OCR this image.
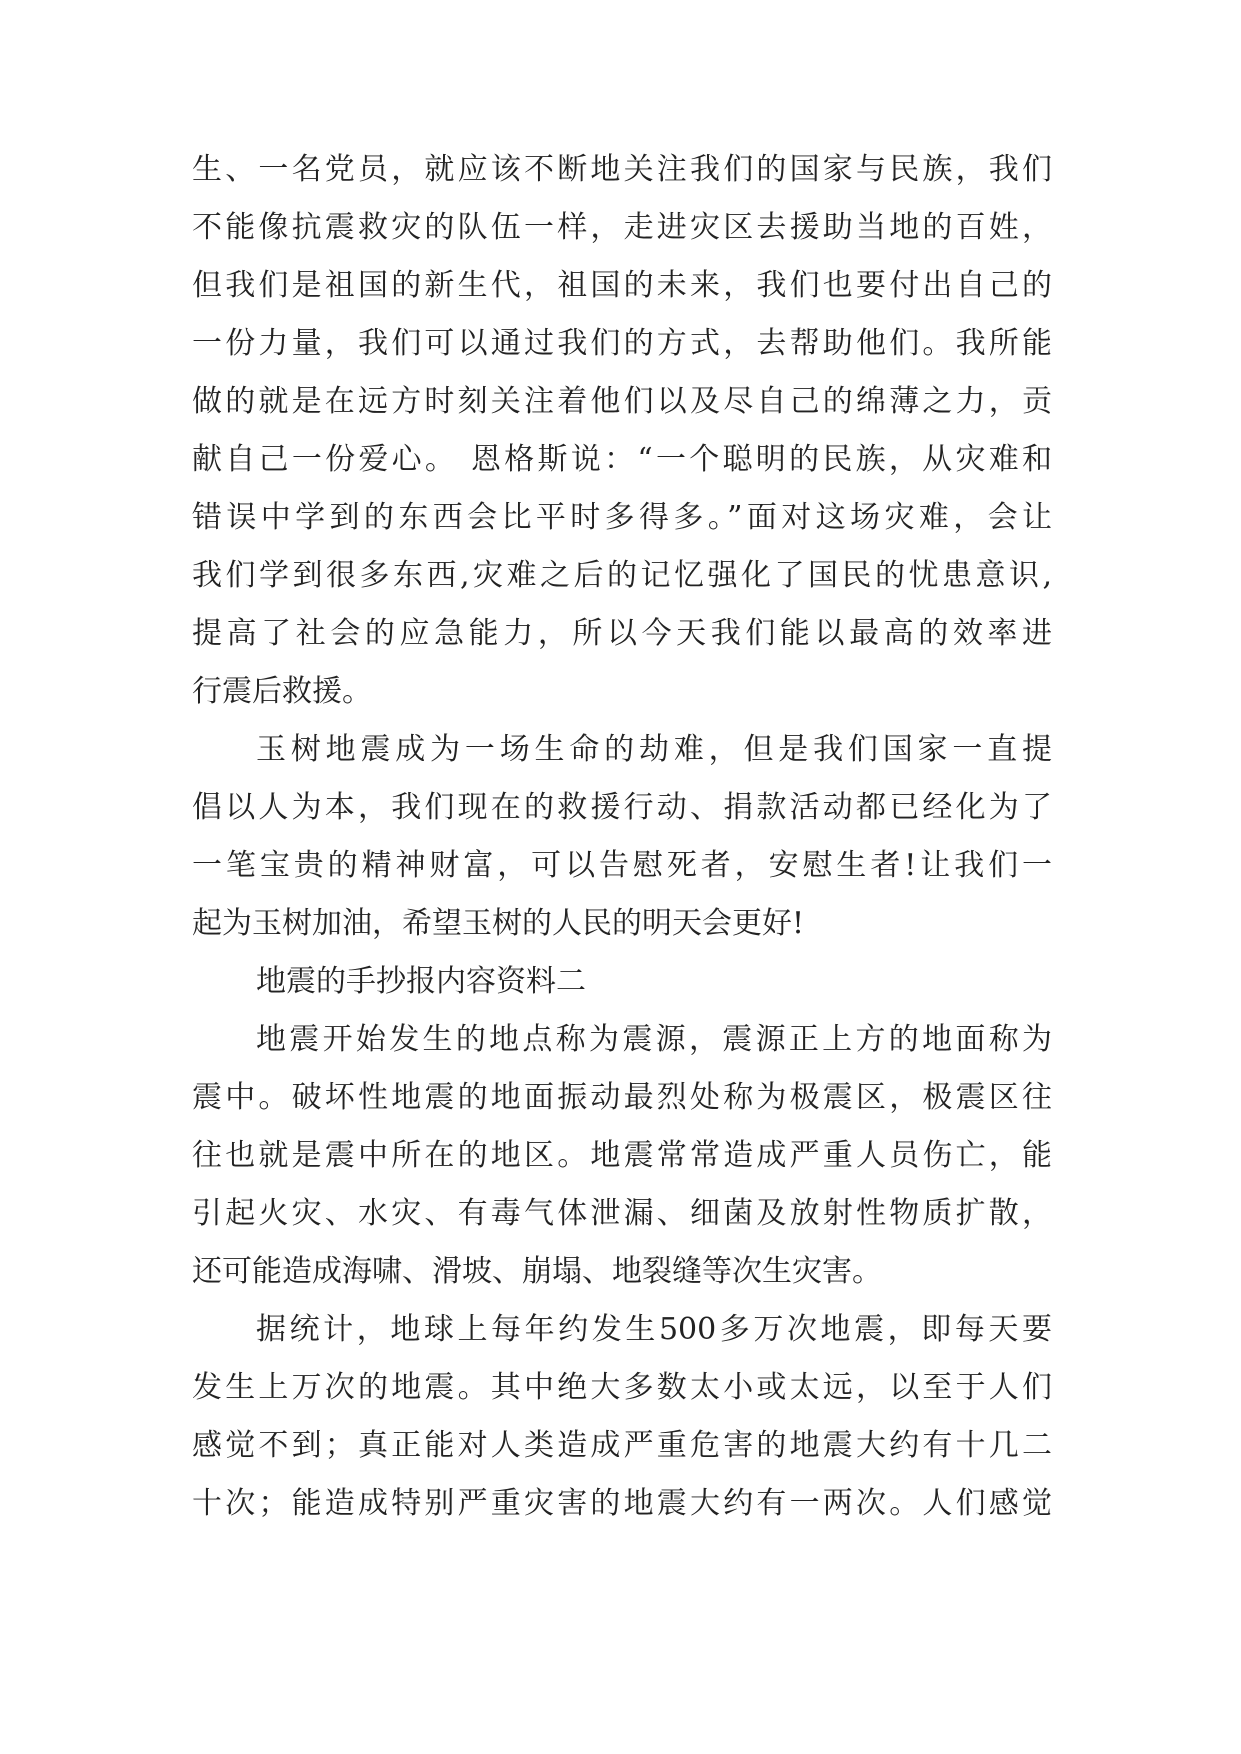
生、一名党员，就应该不断地关注我们的国家与民族，我们
不能像抗震救灾的队伍一样，走进灾区去援助当地的百姓，
但我们是祖国的新生代，祖国的未来，我们也要付出自己的
一份力量，我们可以通过我们的方式，去帮助他们。我所能
做的就是在远方时刻关注着他们以及尽自己的绵薄之力，贡
献自己一份爱心。 恩格斯说：“一个聪明的民族，从灾难和
错误中学到的东西会比平时多得多。”面对这场灾难，会让
我们学到很多东西,灾难之后的记忆强化了国民的忧患意识,
提高了社会的应急能力，所以今天我们能以最高的效率进
行震后救援。
玉树地震成为一场生命的劫难，但是我们国家一直提
倡以人为本，我们现在的救援行动、捐款活动都已经化为了
一笔宝贵的精神财富，可以告慰死者，安慰生者!让我们一
起为玉树加油，希望玉树的人民的明天会更好!
地震的手抄报内容资料二
地震开始发生的地点称为震源，震源正上方的地面称为
震中。破坏性地震的地面振动最烈处称为极震区，极震区往
往也就是震中所在的地区。地震常常造成严重人员伤亡，能
引起火灾、水灾、有毒气体泄漏、细菌及放射性物质扩散，
还可能造成海啸、滑坡、崩塌、地裂缝等次生灾害。
据统计，地球上每年约发生500多万次地震，即每天要
发生上万次的地震。其中绝大多数太小或太远，以至于人们
感觉不到；真正能对人类造成严重危害的地震大约有十几二
十次；能造成特别严重灾害的地震大约有一两次。人们感觉
